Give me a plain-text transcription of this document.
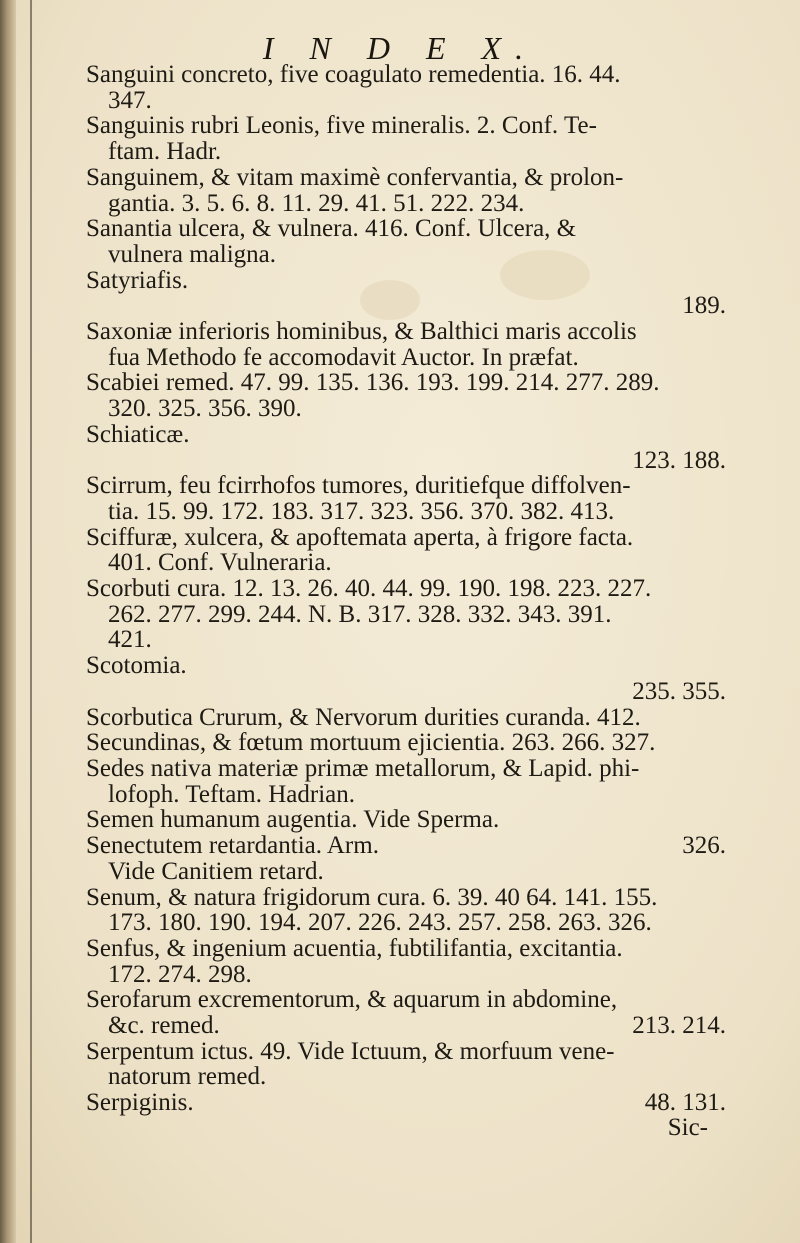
I N D E X.
Sanguini concreto, five coagulato remedentia. 16. 44.
347.
Sanguinis rubri Leonis, five mineralis. 2. Conf. Te-
ftam. Hadr.
Sanguinem, & vitam maximè confervantia, & prolon-
gantia. 3. 5. 6. 8. 11. 29. 41. 51. 222. 234.
Sanantia ulcera, & vulnera. 416. Conf. Ulcera, &
vulnera maligna.
Satyriafis.
189.
Saxoniæ inferioris hominibus, & Balthici maris accolis
fua Methodo fe accomodavit Auctor. In præfat.
Scabiei remed. 47. 99. 135. 136. 193. 199. 214. 277. 289.
320. 325. 356. 390.
Schiaticæ.
123. 188.
Scirrum, feu fcirrhofos tumores, duritiefque diffolven-
tia. 15. 99. 172. 183. 317. 323. 356. 370. 382. 413.
Sciffuræ, xulcera, & apoftemata aperta, à frigore facta.
401. Conf. Vulneraria.
Scorbuti cura. 12. 13. 26. 40. 44. 99. 190. 198. 223. 227.
262. 277. 299. 244. N. B. 317. 328. 332. 343. 391.
421.
Scotomia.
235. 355.
Scorbutica Crurum, & Nervorum durities curanda. 412.
Secundinas, & fœtum mortuum ejicientia. 263. 266. 327.
Sedes nativa materiæ primæ metallorum, & Lapid. phi-
lofoph. Teftam. Hadrian.
Semen humanum augentia. Vide Sperma.
Senectutem retardantia. Arm.	326.
Vide Canitiem retard.
Senum, & natura frigidorum cura. 6. 39. 40 64. 141. 155.
173. 180. 190. 194. 207. 226. 243. 257. 258. 263. 326.
Senfus, & ingenium acuentia, fubtilifantia, excitantia.
172. 274. 298.
Serofarum excrementorum, & aquarum in abdomine,
&c. remed.	213. 214.
Serpentum ictus. 49. Vide Ictuum, & morfuum vene-
natorum remed.
Serpiginis.	48. 131.
Sic-
